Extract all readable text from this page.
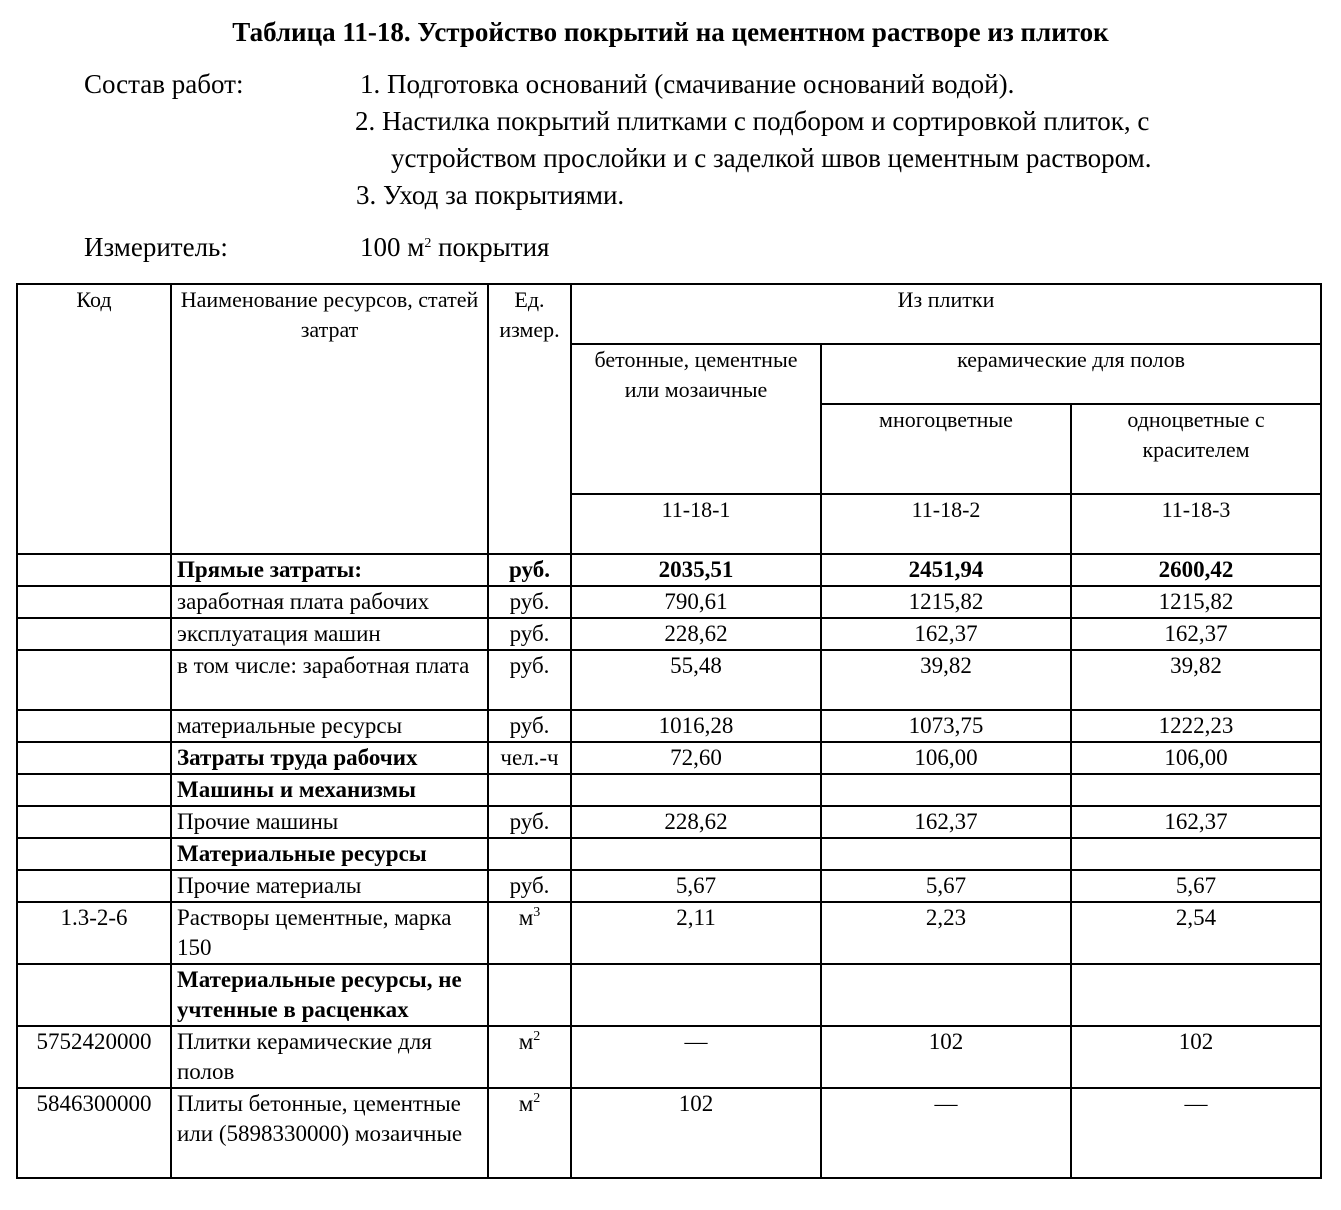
Таблица 11-18. Устройство покрытий на цементном растворе из плиток
Состав работ:	1. Подготовка оснований (смачивание оснований водой).
2. Настилка покрытий плитками с подбором и сортировкой плиток, с
устройством прослойки и с заделкой швов цементным раствором.
3. Уход за покрытиями.
Измеритель:	100 $м^2$ покрытия
Код	Наименование ресурсов, статей затрат	Ед. измер.	Из плитки		
			бетонные, цементные или мозаичные	керамические для полов	
				многоцветные	одноцветные с красителем
			11-18-1	11-18-2	11-18-3
	Прямые затраты:	руб.	2035,51	2451,94	2600,42
	заработная плата рабочих	руб.	790,61	1215,82	1215,82
	эксплуатация машин	руб.	228,62	162,37	162,37
	в том числе: заработная плата	руб.	55,48	39,82	39,82
	материальные ресурсы	руб.	1016,28	1073,75	1222,23
	Затраты труда рабочих	чел.-ч	72,60	106,00	106,00
	Машины и механизмы				
	Прочие машины	руб.	228,62	162,37	162,37
	Материальные ресурсы				
	Прочие материалы	руб.	5,67	5,67	5,67
1.3-2-6	Растворы цементные, марка 150	$м^3$	2,11	2,23	2,54
	Материальные ресурсы, не учтенные в расценках				
5752420000	Плитки керамические для полов	$м^2$	—	102	102
5846300000	Плиты бетонные, цементные или (5898330000) мозаичные	$м^2$	102	—	—
